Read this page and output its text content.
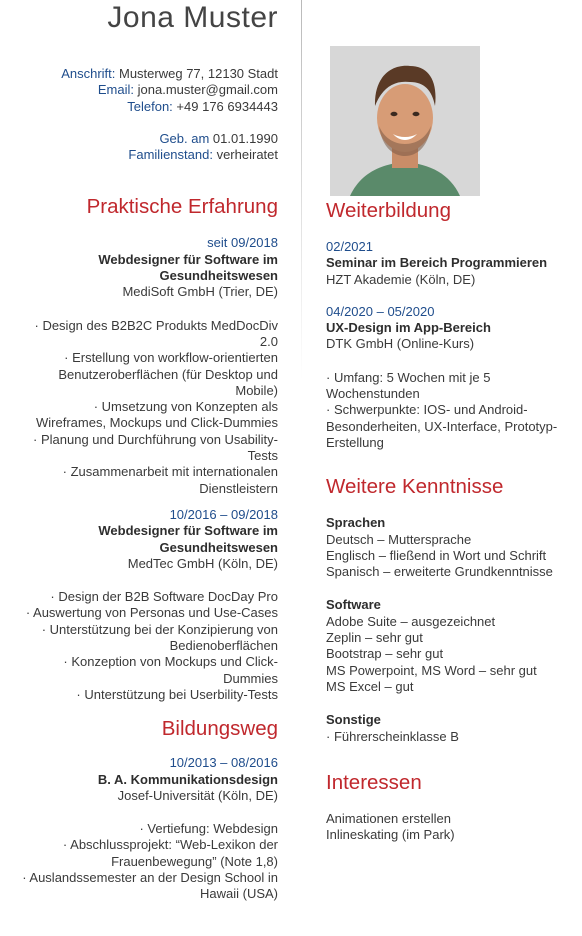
Jona Muster

Anschrift: Musterweg 77, 12130 Stadt

Email: jona.muster@gmail.com

Telefon: +49 176 6934443

Geb. am 01.01.1990

Familienstand: verheiratet

Praktische Erfahrung

seit 09/2018

Webdesigner für Software im

Gesundheitswesen

MediSoft GmbH (Trier, DE)

· Design des B2B2C Produkts MedDocDiv

2.0

· Erstellung von workflow-orientierten

Benutzeroberflächen (für Desktop und

Mobile)

· Umsetzung von Konzepten als

Wireframes, Mockups und Click-Dummies

· Planung und Durchführung von Usability-

Tests

· Zusammenarbeit mit internationalen

Dienstleistern

10/2016 – 09/2018

Webdesigner für Software im

Gesundheitswesen

MedTec GmbH (Köln, DE)

· Design der B2B Software DocDay Pro

· Auswertung von Personas und Use-Cases

· Unterstützung bei der Konzipierung von

Bedienoberflächen

· Konzeption von Mockups und Click-

Dummies

· Unterstützung bei Userbility-Tests

Bildungsweg

10/2013 – 08/2016

B. A. Kommunikationsdesign

Josef-Universität (Köln, DE)

· Vertiefung: Webdesign

· Abschlussprojekt: “Web-Lexikon der

Frauenbewegung” (Note 1,8)

· Auslandssemester an der Design School in

Hawaii (USA)

Weiterbildung

02/2021

Seminar im Bereich Programmieren

HZT Akademie (Köln, DE)

04/2020 – 05/2020

UX-Design im App-Bereich

DTK GmbH (Online-Kurs)

· Umfang: 5 Wochen mit je 5

Wochenstunden

· Schwerpunkte: IOS- und Android-

Besonderheiten, UX-Interface, Prototyp-

Erstellung

Weitere Kenntnisse

Sprachen

Deutsch – Muttersprache

Englisch – fließend in Wort und Schrift

Spanisch – erweiterte Grundkenntnisse

Software

Adobe Suite – ausgezeichnet

Zeplin – sehr gut

Bootstrap – sehr gut

MS Powerpoint, MS Word – sehr gut

MS Excel – gut

Sonstige

· Führerscheinklasse B

Interessen

Animationen erstellen

Inlineskating (im Park)
